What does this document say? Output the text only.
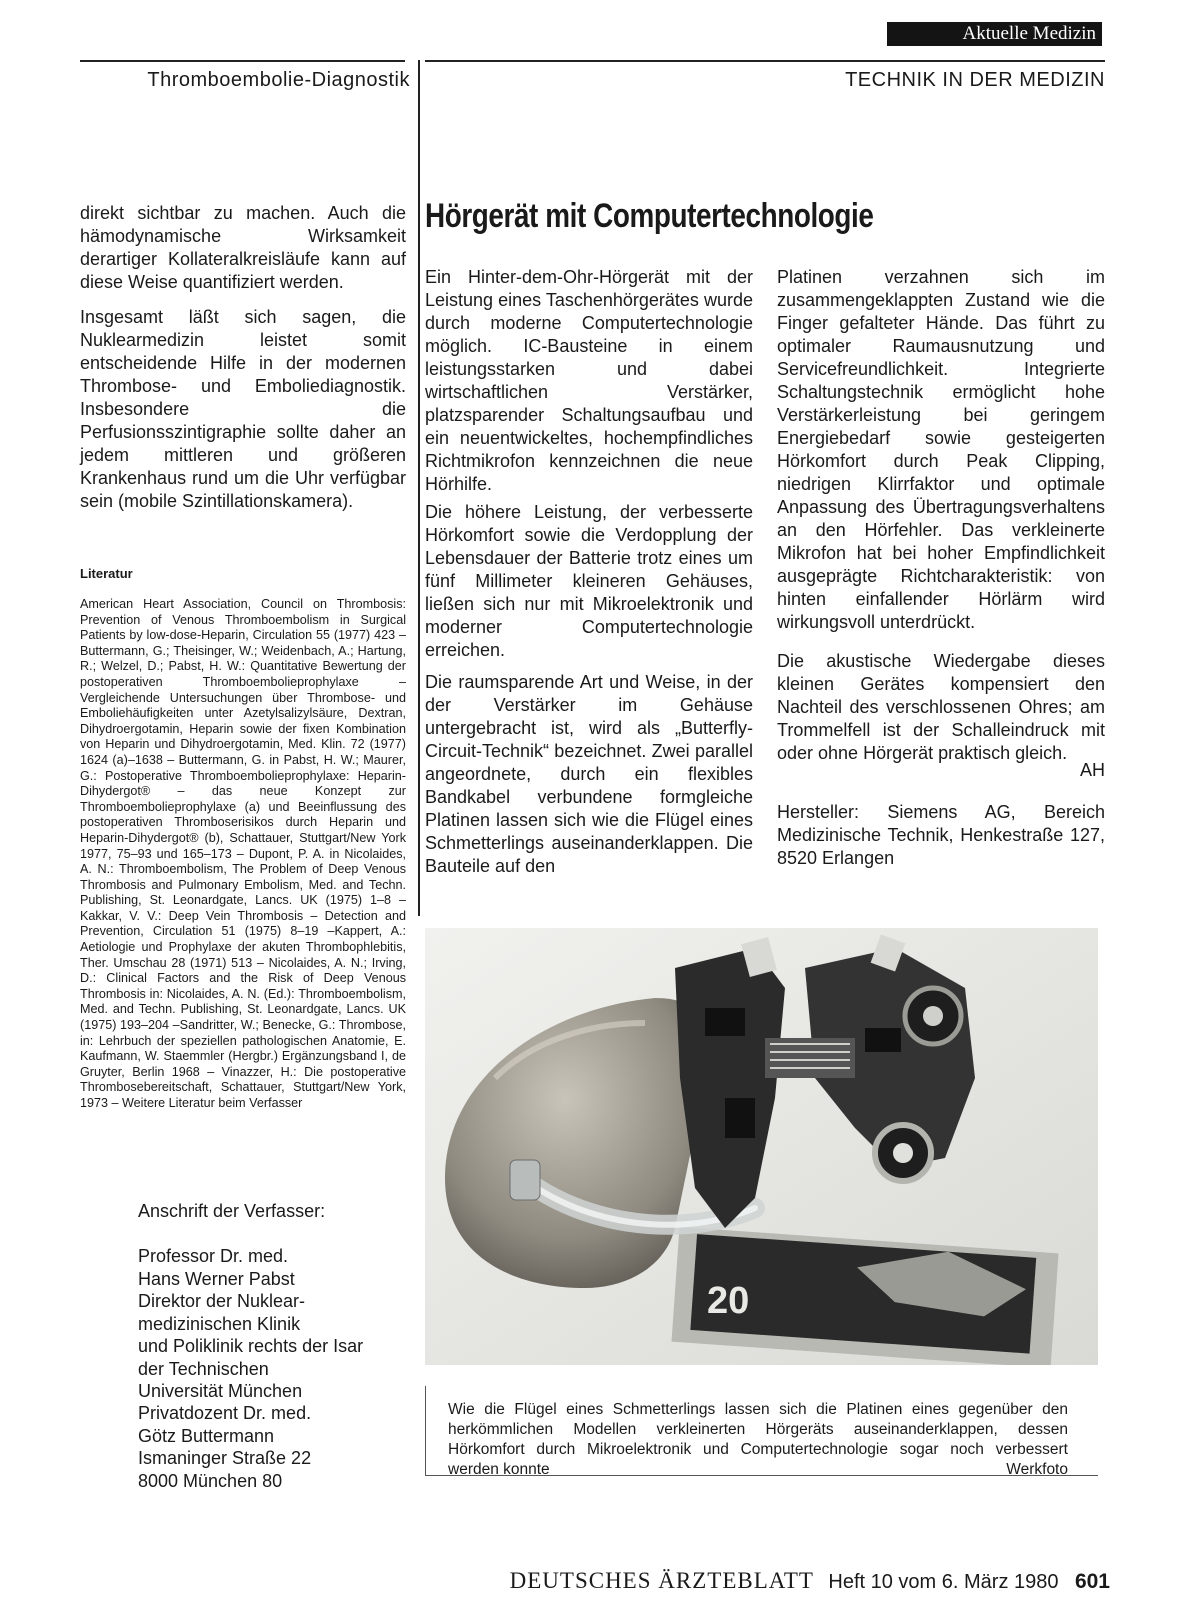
Aktuelle Medizin
Thromboembolie-Diagnostik	TECHNIK IN DER MEDIZIN

direkt sichtbar zu machen. Auch die hämodynamische Wirksamkeit derartiger Kollateralkreisläufe kann auf diese Weise quantifiziert werden.

Insgesamt läßt sich sagen, die Nuklearmedizin leistet somit entscheidende Hilfe in der modernen Thrombose- und Emboliediagnostik. Insbesondere die Perfusionsszintigraphie sollte daher an jedem mittleren und größeren Krankenhaus rund um die Uhr verfügbar sein (mobile Szintillationskamera).

Literatur
American Heart Association, Council on Thrombosis: Prevention of Venous Thromboembolism in Surgical Patients by low-dose-Heparin, Circulation 55 (1977) 423 – Buttermann, G.; Theisinger, W.; Weidenbach, A.; Hartung, R.; Welzel, D.; Pabst, H. W.: Quantitative Bewertung der postoperativen Thromboembolieprophylaxe – Vergleichende Untersuchungen über Thrombose- und Emboliehäufigkeiten unter Azetylsalizylsäure, Dextran, Dihydroergotamin, Heparin sowie der fixen Kombination von Heparin und Dihydroergotamin, Med. Klin. 72 (1977) 1624 (a)–1638 – Buttermann, G. in Pabst, H. W.; Maurer, G.: Postoperative Thromboembolieprophylaxe: Heparin-Dihydergot® – das neue Konzept zur Thromboembolieprophylaxe (a) und Beeinflussung des postoperativen Thromboserisikos durch Heparin und Heparin-Dihydergot® (b), Schattauer, Stuttgart/New York 1977, 75–93 und 165–173 – Dupont, P. A. in Nicolaides, A. N.: Thromboembolism, The Problem of Deep Venous Thrombosis and Pulmonary Embolism, Med. and Techn. Publishing, St. Leonardgate, Lancs. UK (1975) 1–8 – Kakkar, V. V.: Deep Vein Thrombosis – Detection and Prevention, Circulation 51 (1975) 8–19 –Kappert, A.: Aetiologie und Prophylaxe der akuten Thrombophlebitis, Ther. Umschau 28 (1971) 513 – Nicolaides, A. N.; Irving, D.: Clinical Factors and the Risk of Deep Venous Thrombosis in: Nicolaides, A. N. (Ed.): Thromboembolism, Med. and Techn. Publishing, St. Leonardgate, Lancs. UK (1975) 193–204 –Sandritter, W.; Benecke, G.: Thrombose, in: Lehrbuch der speziellen pathologischen Anatomie, E. Kaufmann, W. Staemmler (Hergbr.) Ergänzungsband I, de Gruyter, Berlin 1968 – Vinazzer, H.: Die postoperative Thrombosebereitschaft, Schattauer, Stuttgart/New York, 1973 – Weitere Literatur beim Verfasser
Anschrift der Verfasser:
Professor Dr. med.
Hans Werner Pabst
Direktor der Nuklear-
medizinischen Klinik
und Poliklinik rechts der Isar
der Technischen
Universität München
Privatdozent Dr. med.
Götz Buttermann
Ismaninger Straße 22
8000 München 80
Hörgerät mit Computertechnologie

Ein Hinter-dem-Ohr-Hörgerät mit der Leistung eines Taschenhörgerätes wurde durch moderne Computertechnologie möglich. IC-Bausteine in einem leistungsstarken und dabei wirtschaftlichen Verstärker, platzsparender Schaltungsaufbau und ein neuentwickeltes, hochempfindliches Richtmikrofon kennzeichnen die neue Hörhilfe.

Die höhere Leistung, der verbesserte Hörkomfort sowie die Verdopplung der Lebensdauer der Batterie trotz eines um fünf Millimeter kleineren Gehäuses, ließen sich nur mit Mikroelektronik und moderner Computertechnologie erreichen.

Die raumsparende Art und Weise, in der der Verstärker im Gehäuse untergebracht ist, wird als „Butterfly-Circuit-Technik“ bezeichnet. Zwei parallel angeordnete, durch ein flexibles Bandkabel verbundene formgleiche Platinen lassen sich wie die Flügel eines Schmetterlings auseinanderklappen. Die Bauteile auf den

Platinen verzahnen sich im zusammengeklappten Zustand wie die Finger gefalteter Hände. Das führt zu optimaler Raumausnutzung und Servicefreundlichkeit. Integrierte Schaltungstechnik ermöglicht hohe Verstärkerleistung bei geringem Energiebedarf sowie gesteigerten Hörkomfort durch Peak Clipping, niedrigen Klirrfaktor und optimale Anpassung des Übertragungsverhaltens an den Hörfehler. Das verkleinerte Mikrofon hat bei hoher Empfindlichkeit ausgeprägte Richtcharakteristik: von hinten einfallender Hörlärm wird wirkungsvoll unterdrückt.

Die akustische Wiedergabe dieses kleinen Gerätes kompensiert den Nachteil des verschlossenen Ohres; am Trommelfell ist der Schalleindruck mit oder ohne Hörgerät praktisch gleich.

AH
Hersteller: Siemens AG, Bereich Medizinische Technik, Henkestraße 127, 8520 Erlangen
20
Wie die Flügel eines Schmetterlings lassen sich die Platinen eines gegenüber den herkömmlichen Modellen verkleinerten Hörgeräts auseinanderklappen, dessen Hörkomfort durch Mikroelektronik und Computertechnologie sogar noch verbessert werden konnte	Werkfoto
DEUTSCHES ÄRZTEBLATT Heft 10 vom 6. März 1980 601
